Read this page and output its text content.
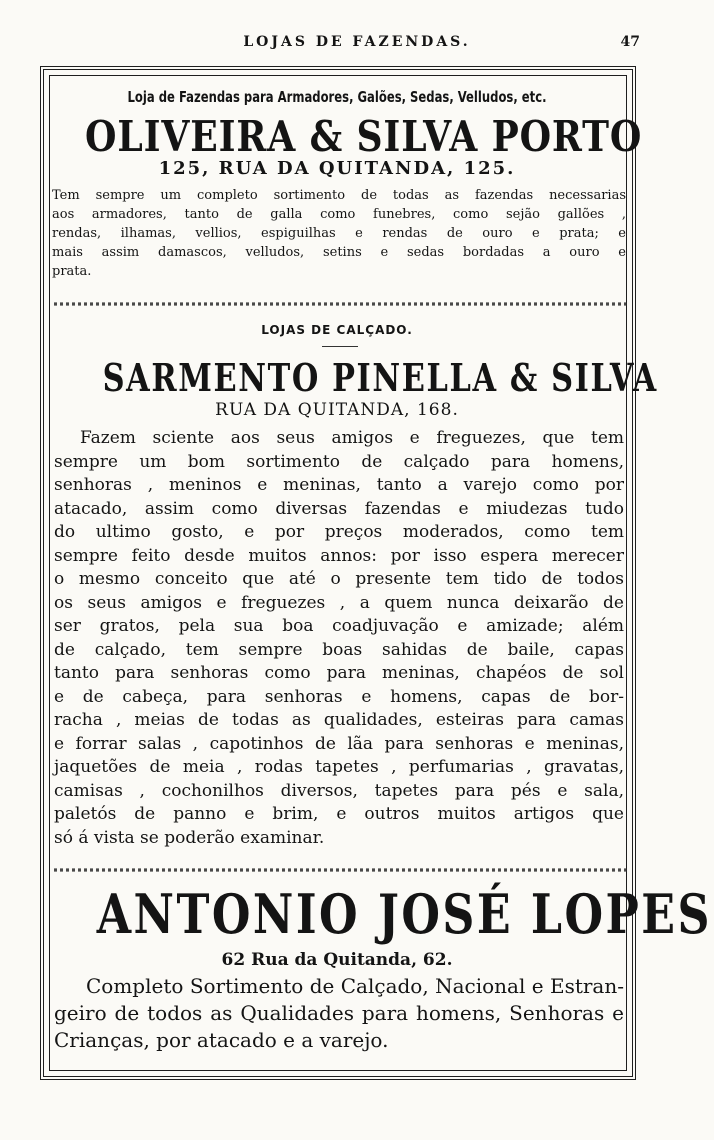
LOJAS DE FAZENDAS.	47
Loja de Fazendas para Armadores, Galões, Sedas, Velludos, etc.
OLIVEIRA & SILVA PORTO
125, RUA DA QUITANDA, 125.
Tem sempre um completo sortimento de todas as fazendas necessarias
aos armadores, tanto de galla como funebres, como sejão gallões ,
rendas, ilhamas, vellios, espiguilhas e rendas de ouro e prata; e
mais assim damascos, velludos, setins e sedas bordadas a ouro e
prata.
LOJAS DE CALÇADO.
SARMENTO PINELLA & SILVA
RUA DA QUITANDA, 168.
Fazem sciente aos seus amigos e freguezes, que tem
sempre um bom sortimento de calçado para homens,
senhoras , meninos e meninas, tanto a varejo como por
atacado, assim como diversas fazendas e miudezas tudo
do ultimo gosto, e por preços moderados, como tem
sempre feito desde muitos annos: por isso espera merecer
o mesmo conceito que até o presente tem tido de todos
os seus amigos e freguezes , a quem nunca deixarão de
ser gratos, pela sua boa coadjuvação e amizade; além
de calçado, tem sempre boas sahidas de baile, capas
tanto para senhoras como para meninas, chapéos de sol
e de cabeça, para senhoras e homens, capas de bor-
racha , meias de todas as qualidades, esteiras para camas
e forrar salas , capotinhos de lãa para senhoras e meninas,
jaquetões de meia , rodas tapetes , perfumarias , gravatas,
camisas , cochonilhos diversos, tapetes para pés e sala,
paletós de panno e brim, e outros muitos artigos que
só á vista se poderão examinar.
ANTONIO JOSÉ LOPES
62 Rua da Quitanda, 62.
Completo Sortimento de Calçado, Nacional e Estran-
geiro de todos as Qualidades para homens, Senhoras e
Crianças, por atacado e a varejo.
